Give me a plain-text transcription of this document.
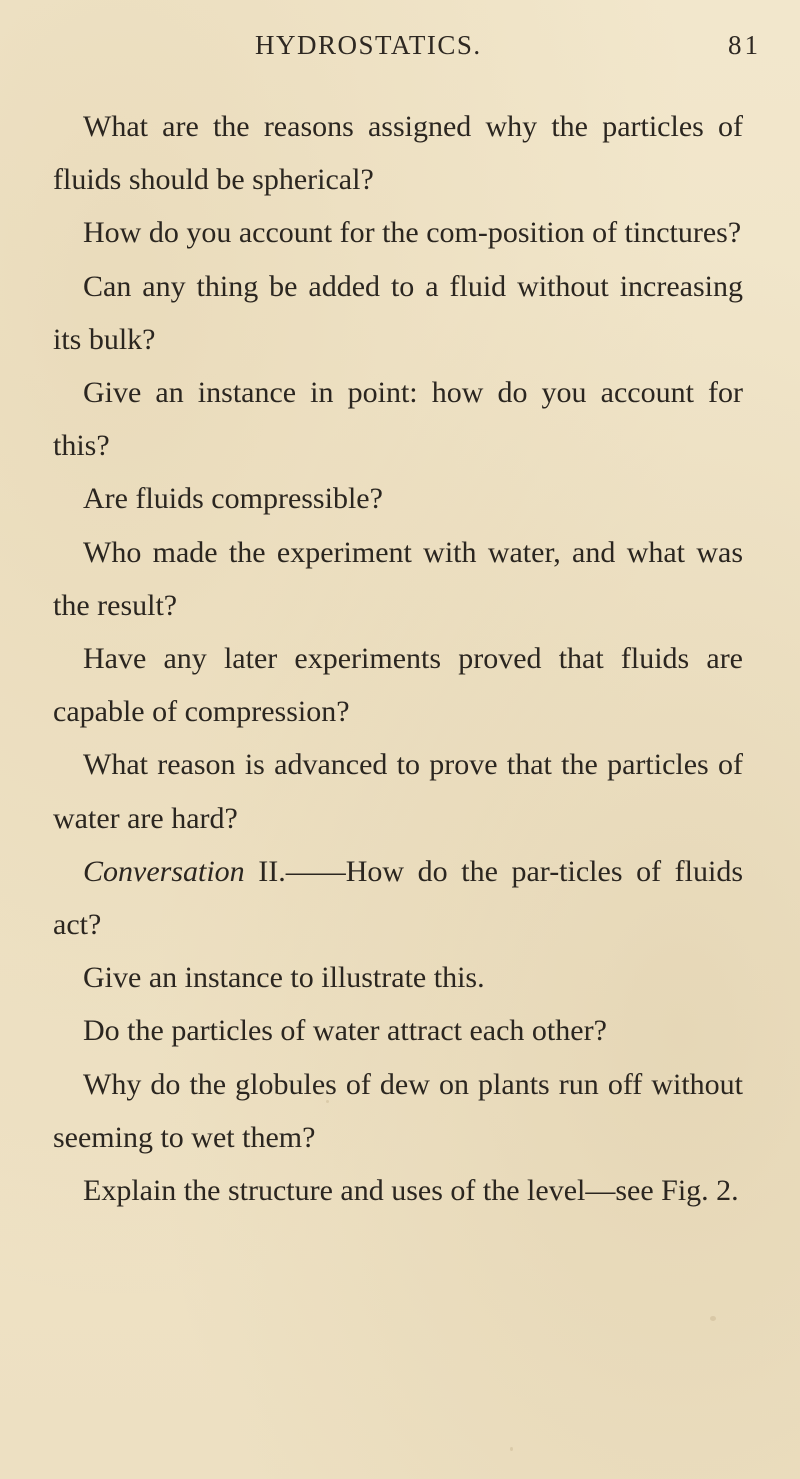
HYDROSTATICS.	81

What are the reasons assigned why the particles of fluids should be spherical?

How do you account for the com-position of tinctures?

Can any thing be added to a fluid without increasing its bulk?

Give an instance in point: how do you account for this?

Are fluids compressible?

Who made the experiment with water, and what was the result?

Have any later experiments proved that fluids are capable of compression?

What reason is advanced to prove that the particles of water are hard?

Conversation II.——How do the par-ticles of fluids act?

Give an instance to illustrate this.

Do the particles of water attract each other?

Why do the globules of dew on plants run off without seeming to wet them?

Explain the structure and uses of the level—see Fig. 2.
